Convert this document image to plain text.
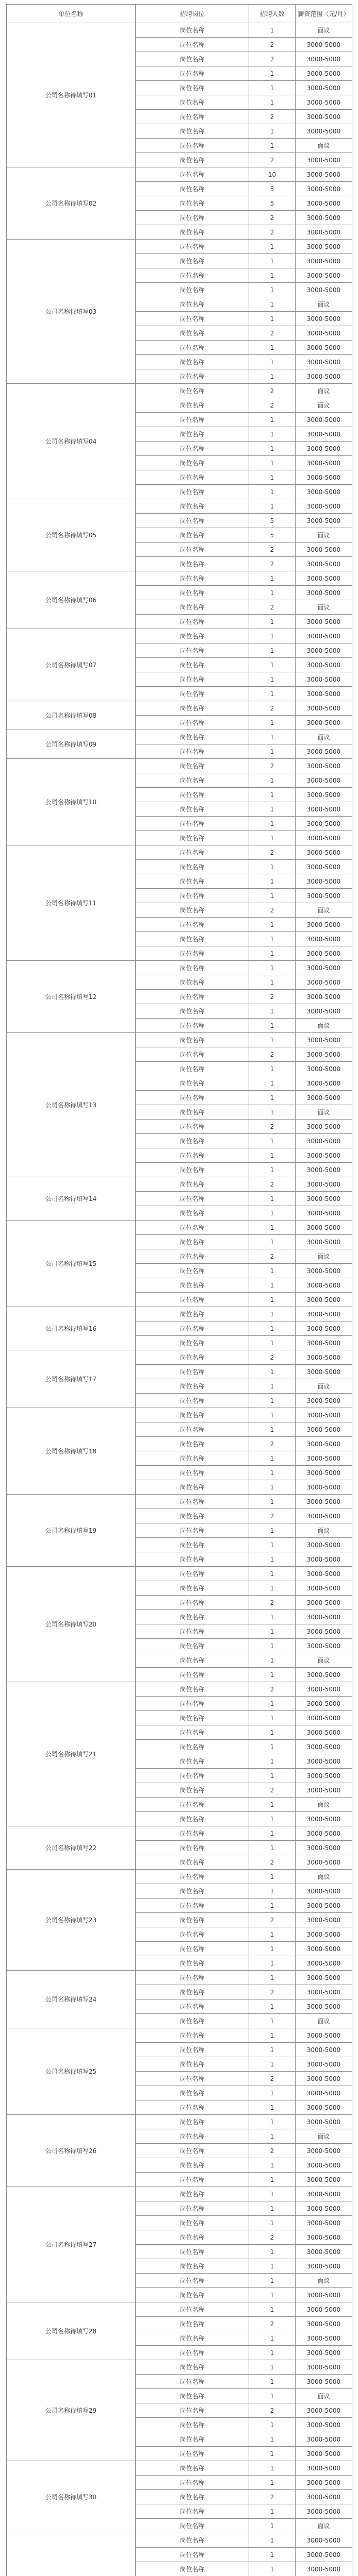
单位名称	招聘岗位	招聘人数	薪资范围（元/月）
公司名称待填写01	岗位名称	1	面议
	岗位名称	2	3000-5000
	岗位名称	2	3000-5000
	岗位名称	1	3000-5000
	岗位名称	1	3000-5000
	岗位名称	1	3000-5000
	岗位名称	2	3000-5000
	岗位名称	1	3000-5000
	岗位名称	1	面议
	岗位名称	2	3000-5000
公司名称待填写02	岗位名称	10	3000-5000
	岗位名称	5	3000-5000
	岗位名称	5	3000-5000
	岗位名称	2	3000-5000
	岗位名称	2	3000-5000
公司名称待填写03	岗位名称	1	3000-5000
	岗位名称	1	3000-5000
	岗位名称	1	3000-5000
	岗位名称	1	3000-5000
	岗位名称	1	面议
	岗位名称	1	3000-5000
	岗位名称	2	3000-5000
	岗位名称	1	3000-5000
	岗位名称	1	3000-5000
	岗位名称	1	3000-5000
公司名称待填写04	岗位名称	2	面议
	岗位名称	2	面议
	岗位名称	1	3000-5000
	岗位名称	1	3000-5000
	岗位名称	1	3000-5000
	岗位名称	1	3000-5000
	岗位名称	1	3000-5000
	岗位名称	1	3000-5000
公司名称待填写05	岗位名称	1	3000-5000
	岗位名称	5	3000-5000
	岗位名称	5	面议
	岗位名称	2	3000-5000
	岗位名称	2	3000-5000
公司名称待填写06	岗位名称	1	3000-5000
	岗位名称	1	3000-5000
	岗位名称	2	面议
	岗位名称	1	3000-5000
公司名称待填写07	岗位名称	1	3000-5000
	岗位名称	1	3000-5000
	岗位名称	1	3000-5000
	岗位名称	1	3000-5000
	岗位名称	1	3000-5000
公司名称待填写08	岗位名称	2	3000-5000
	岗位名称	1	3000-5000
公司名称待填写09	岗位名称	1	面议
	岗位名称	1	3000-5000
公司名称待填写10	岗位名称	2	3000-5000
	岗位名称	1	3000-5000
	岗位名称	1	3000-5000
	岗位名称	1	3000-5000
	岗位名称	1	3000-5000
	岗位名称	1	3000-5000
公司名称待填写11	岗位名称	2	3000-5000
	岗位名称	1	3000-5000
	岗位名称	1	3000-5000
	岗位名称	1	3000-5000
	岗位名称	2	面议
	岗位名称	1	3000-5000
	岗位名称	1	3000-5000
	岗位名称	1	3000-5000
公司名称待填写12	岗位名称	1	3000-5000
	岗位名称	1	3000-5000
	岗位名称	2	3000-5000
	岗位名称	1	3000-5000
	岗位名称	1	面议
公司名称待填写13	岗位名称	1	3000-5000
	岗位名称	2	3000-5000
	岗位名称	1	3000-5000
	岗位名称	1	3000-5000
	岗位名称	1	3000-5000
	岗位名称	1	面议
	岗位名称	2	3000-5000
	岗位名称	1	3000-5000
	岗位名称	1	3000-5000
	岗位名称	1	3000-5000
公司名称待填写14	岗位名称	2	3000-5000
	岗位名称	1	3000-5000
	岗位名称	1	3000-5000
公司名称待填写15	岗位名称	1	3000-5000
	岗位名称	1	3000-5000
	岗位名称	2	面议
	岗位名称	1	3000-5000
	岗位名称	1	3000-5000
	岗位名称	1	3000-5000
公司名称待填写16	岗位名称	1	3000-5000
	岗位名称	1	3000-5000
	岗位名称	1	3000-5000
公司名称待填写17	岗位名称	2	3000-5000
	岗位名称	1	3000-5000
	岗位名称	1	面议
	岗位名称	1	3000-5000
公司名称待填写18	岗位名称	1	3000-5000
	岗位名称	1	3000-5000
	岗位名称	2	3000-5000
	岗位名称	1	3000-5000
	岗位名称	1	3000-5000
	岗位名称	1	3000-5000
公司名称待填写19	岗位名称	1	3000-5000
	岗位名称	2	3000-5000
	岗位名称	1	面议
	岗位名称	1	3000-5000
	岗位名称	1	3000-5000
公司名称待填写20	岗位名称	1	3000-5000
	岗位名称	1	3000-5000
	岗位名称	2	3000-5000
	岗位名称	1	3000-5000
	岗位名称	1	3000-5000
	岗位名称	1	3000-5000
	岗位名称	1	面议
	岗位名称	1	3000-5000
公司名称待填写21	岗位名称	2	3000-5000
	岗位名称	1	3000-5000
	岗位名称	1	3000-5000
	岗位名称	1	3000-5000
	岗位名称	1	3000-5000
	岗位名称	1	3000-5000
	岗位名称	1	3000-5000
	岗位名称	2	3000-5000
	岗位名称	1	面议
	岗位名称	1	3000-5000
公司名称待填写22	岗位名称	1	3000-5000
	岗位名称	1	3000-5000
	岗位名称	2	3000-5000
公司名称待填写23	岗位名称	1	面议
	岗位名称	1	3000-5000
	岗位名称	1	3000-5000
	岗位名称	2	3000-5000
	岗位名称	1	3000-5000
	岗位名称	1	3000-5000
	岗位名称	1	3000-5000
公司名称待填写24	岗位名称	1	3000-5000
	岗位名称	2	3000-5000
	岗位名称	1	3000-5000
	岗位名称	1	面议
公司名称待填写25	岗位名称	1	3000-5000
	岗位名称	1	3000-5000
	岗位名称	1	3000-5000
	岗位名称	2	3000-5000
	岗位名称	1	3000-5000
	岗位名称	1	3000-5000
公司名称待填写26	岗位名称	1	3000-5000
	岗位名称	1	面议
	岗位名称	2	3000-5000
	岗位名称	1	3000-5000
	岗位名称	1	3000-5000
公司名称待填写27	岗位名称	1	3000-5000
	岗位名称	1	3000-5000
	岗位名称	1	3000-5000
	岗位名称	2	3000-5000
	岗位名称	1	3000-5000
	岗位名称	1	3000-5000
	岗位名称	1	面议
	岗位名称	1	3000-5000
公司名称待填写28	岗位名称	1	3000-5000
	岗位名称	2	3000-5000
	岗位名称	1	3000-5000
	岗位名称	1	3000-5000
公司名称待填写29	岗位名称	1	3000-5000
	岗位名称	1	3000-5000
	岗位名称	1	面议
	岗位名称	2	3000-5000
	岗位名称	1	3000-5000
	岗位名称	1	3000-5000
	岗位名称	1	3000-5000
公司名称待填写30	岗位名称	1	3000-5000
	岗位名称	1	3000-5000
	岗位名称	2	3000-5000
	岗位名称	1	3000-5000
	岗位名称	1	面议
	岗位名称	1	3000-5000
	岗位名称	1	3000-5000
	岗位名称	1	3000-5000
